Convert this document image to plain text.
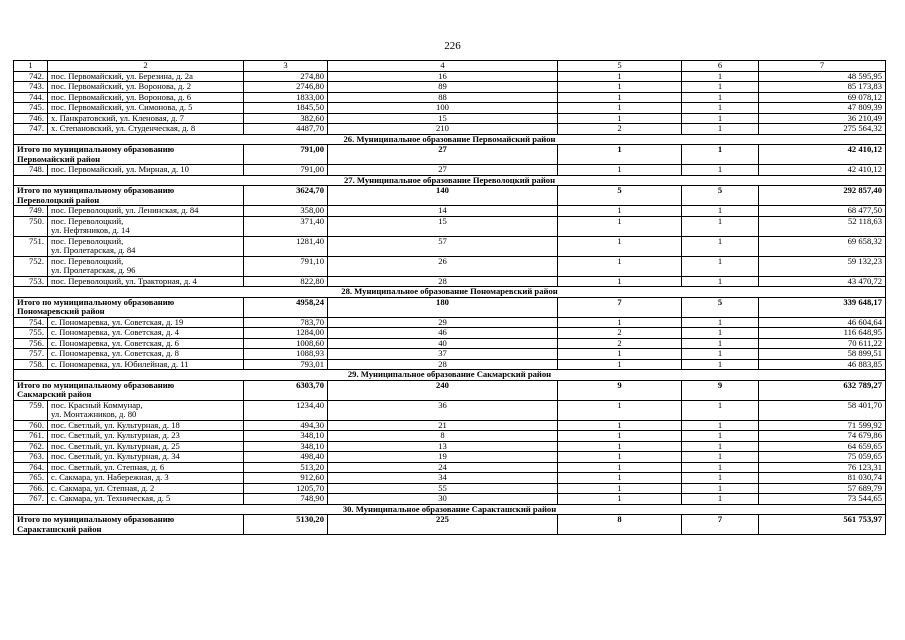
226
1	2	3	4	5	6	7
742.	пос. Первомайский, ул. Березина, д. 2а	274,80	16	1	1	48 595,95
743.	пос. Первомайский, ул. Воронова, д. 2	2746,80	89	1	1	85 173,83
744.	пос. Первомайский, ул. Воронова, д. 6	1833,00	88	1	1	69 078,12
745.	пос. Первомайский, ул. Симонова, д. 5	1845,50	100	1	1	47 809,39
746.	х. Панкратовский, ул. Кленовая, д. 7	382,60	15	1	1	36 210,49
747.	х. Степановский, ул. Студенческая, д. 8	4487,70	210	2	1	275 564,32
26. Муниципальное образование Первомайский район						
Итого по муниципальному образованию
Первомайский район		791,00	27	1	1	42 410,12
748.	пос. Первомайский, ул. Мирная, д. 10	791,00	27	1	1	42 410,12
27. Муниципальное образование Переволоцкий район						
Итого по муниципальному образованию
Переволоцкий район		3624,70	140	5	5	292 857,40
749.	пос. Переволоцкий, ул. Ленинская, д. 84	358,00	14	1	1	68 477,50
750.	пос. Переволоцкий,
ул. Нефтяников, д. 14	371,40	15	1	1	52 118,63
751.	пос. Переволоцкий,
ул. Пролетарская, д. 84	1281,40	57	1	1	69 658,32
752.	пос. Переволоцкий,
ул. Пролетарская, д. 96	791,10	26	1	1	59 132,23
753.	пос. Переволоцкий, ул. Тракторная, д. 4	822,80	28	1	1	43 470,72
28. Муниципальное образование Пономаревский район						
Итого по муниципальному образованию
Пономаревский район		4958,24	180	7	5	339 648,17
754.	с. Пономаревка, ул. Советская, д. 19	783,70	29	1	1	46 604,64
755.	с. Пономаревка, ул. Советская, д. 4	1284,00	46	2	1	116 648,95
756.	с. Пономаревка, ул. Советская, д. 6	1008,60	40	2	1	70 611,22
757.	с. Пономаревка, ул. Советская, д. 8	1088,93	37	1	1	58 899,51
758.	с. Пономаревка, ул. Юбилейная, д. 11	793,01	28	1	1	46 883,85
29. Муниципальное образование Сакмарский район						
Итого по муниципальному образованию
Сакмарский район		6303,70	240	9	9	632 789,27
759.	пос. Красный Коммунар,
ул. Монтажников, д. 80	1234,40	36	1	1	58 401,70
760.	пос. Светлый, ул. Культурная, д. 18	494,30	21	1	1	71 599,92
761.	пос. Светлый, ул. Культурная, д. 23	348,10	8	1	1	74 679,86
762.	пос. Светлый, ул. Культурная, д. 25	348,10	13	1	1	64 659,65
763.	пос. Светлый, ул. Культурная, д. 34	498,40	19	1	1	75 059,65
764.	пос. Светлый, ул. Степная, д. 6	513,20	24	1	1	76 123,31
765.	с. Сакмара, ул. Набережная, д. 3	912,60	34	1	1	81 030,74
766.	с. Сакмара, ул. Степная, д. 2	1205,70	55	1	1	57 689,79
767.	с. Сакмара, ул. Техническая, д. 5	748,90	30	1	1	73 544,65
30. Муниципальное образование Саракташский район						
Итого по муниципальному образованию
Саракташский район		5130,20	225	8	7	561 753,97
